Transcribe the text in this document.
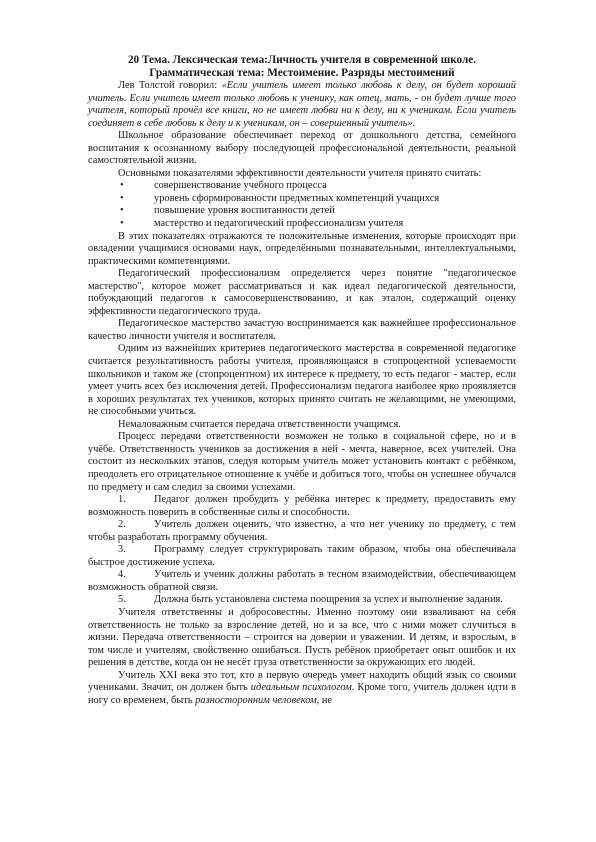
20 Тема. Лексическая тема:Личность учителя в современной школе.
Грамматическая тема: Местоимение. Разряды местоимений

Лев Толстой говорил: «Если учитель имеет только любовь к делу, он будет хороший учитель. Если учитель имеет только любовь к ученику, как отец, мать, - он будет лучше того учителя, который прочёл все книги, но не имеет любви ни к делу, ни к ученикам. Если учитель соединяет в себе любовь к делу и к ученикам, он – совершенный учитель».

Школьное образование обеспечивает переход от дошкольного детства, семейного воспитания к осознанному выбору последующей профессиональной деятельности, реальной самостоятельной жизни.

Основными показателями эффективности деятельности учителя принято считать:

•	совершенствование учебного процесса
•	уровень сформированности предметных компетенций учащихся
•	повышение уровня воспитанности детей
•	мастерство и педагогический профессионализм учителя

В этих показателях отражаются те положительные изменения, которые происходят при овладении учащимися основами наук, определёнными познавательными, интеллектуальными, практическими компетенциями.

Педагогический профессионализм определяется через понятие "педагогическое мастерство", которое может рассматриваться и как идеал педагогической деятельности, побуждающий педагогов к самосовершенствованию, и как эталон, содержащий оценку эффективности педагогического труда.

Педагогическое мастерство зачастую воспринимается как важнейшее профессиональное качество личности учителя и воспитателя.

Одним из важнейших критериев педагогического мастерства в современной педагогике считается результативность работы учителя, проявляющаяся в стопроцентной успеваемости школьников и таком же (стопроцентном) их интересе к предмету, то есть педагог - мастер, если умеет учить всех без исключения детей. Профессионализм педагога наиболее ярко проявляется в хороших результатах тех учеников, которых принято считать не желающими, не умеющими, не способными учиться.

Немаловажным считается передача ответственности учащимся.

Процесс передачи ответственности возможен не только в социальной сфере, но и в учёбе. Ответственность учеников за достижения в ней - мечта, наверное, всех учителей. Она состоит из нескольких этапов, следуя которым учитель может установить контакт с ребёнком, преодолеть его отрицательное отношение к учёбе и добиться того, чтобы он успешнее обучался по предмету и сам следил за своими успехами.

1.	Педагог должен пробудить у ребёнка интерес к предмету, предоставить ему возможность поверить в собственные силы и способности.

2.	Учитель должен оценить, что известно, а что нет ученику по предмету, с тем чтобы разработать программу обучения.

3.	Программу следует структурировать таким образом, чтобы она обеспечивала быстрое достижение успеха.

4.	Учитель и ученик должны работать в тесном взаимодействии, обеспечивающем возможность обратной связи.

5.	Должна быть установлена система поощрения за успех и выполнение задания.

Учителя ответственны и добросовестны. Именно поэтому они взваливают на себя ответственность не только за взросление детей, но и за все, что с ними может случиться в жизни. Передача ответственности – строится на доверии и уважении. И детям, и взрослым, в том числе и учителям, свойственно ошибаться. Пусть ребёнок приобретает опыт ошибок и их решения в детстве, когда он не несёт груза ответственности за окружающих его людей.

Учитель XXI века это тот, кто в первую очередь умеет находить общий язык со своими учениками. Значит, он должен быть идеальным психологом. Кроме того, учитель должен идти в ногу со временем, быть разносторонним человеком, не
